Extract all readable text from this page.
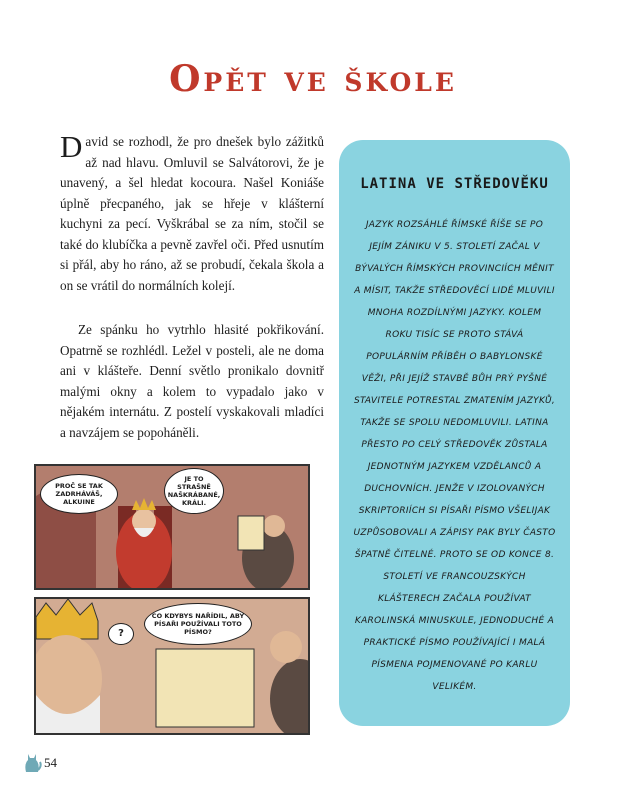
Opět ve škole

David se rozhodl, že pro dnešek bylo zážitků až nad hlavu. Omluvil se Salvátorovi, že je unavený, a šel hledat kocoura. Našel Koniáše úplně přecpaného, jak se hřeje v klášterní kuchyni za pecí. Vyškrábal se za ním, stočil se také do klubíčka a pevně zavřel oči. Před usnutím si přál, aby ho ráno, až se probudí, čekala škola a on se vrátil do normálních kolejí.

Ze spánku ho vytrhlo hlasité pokřikování. Opatrně se rozhlédl. Ležel v posteli, ale ne doma ani v klášteře. Denní světlo pronikalo dovnitř malými okny a kolem to vypadalo jako v nějakém internátu. Z postelí vyskakovali mladíci a navzájem se popoháněli.

PROČ SE TAK ZADRHÁVÁŠ, ALKUINE
JE TO STRAŠNĚ NAŠKRÁBANÉ, KRÁLI.
?
CO KDYBYS NAŘÍDIL, ABY PÍSAŘI POUŽÍVALI TOTO PÍSMO?
LATINA VE STŘEDOVĚKU

JAZYK ROZSÁHLÉ ŘÍMSKÉ ŘÍŠE SE PO JEJÍM ZÁNIKU V 5. STOLETÍ ZAČAL V BÝVALÝCH ŘÍMSKÝCH PROVINCIÍCH MĚNIT A MÍSIT, TAKŽE STŘEDOVĚCÍ LIDÉ MLUVILI MNOHA ROZDÍLNÝMI JAZYKY. KOLEM ROKU TISÍC SE PROTO STÁVÁ POPULÁRNÍM PŘÍBĚH O BABYLONSKÉ VĚŽI, PŘI JEJÍŽ STAVBĚ BŮH PRÝ PYŠNÉ STAVITELE POTRESTAL ZMATENÍM JAZYKŮ, TAKŽE SE SPOLU NEDOMLUVILI. LATINA PŘESTO PO CELÝ STŘEDOVĚK ZŮSTALA JEDNOTNÝM JAZYKEM VZDĚLANCŮ A DUCHOVNÍCH. JENŽE V IZOLOVANÝCH SKRIPTORIÍCH SI PÍSAŘI PÍSMO VŠELIJAK UZPŮSOBOVALI A ZÁPISY PAK BYLY ČASTO ŠPATNĚ ČITELNÉ. PROTO SE OD KONCE 8. STOLETÍ VE FRANCOUZSKÝCH KLÁŠTERECH ZAČALA POUŽÍVAT KAROLINSKÁ MINUSKULE, JEDNODUCHÉ A PRAKTICKÉ PÍSMO POUŽÍVAJÍCÍ I MALÁ PÍSMENA POJMENOVANÉ PO KARLU VELIKÉM.

54
